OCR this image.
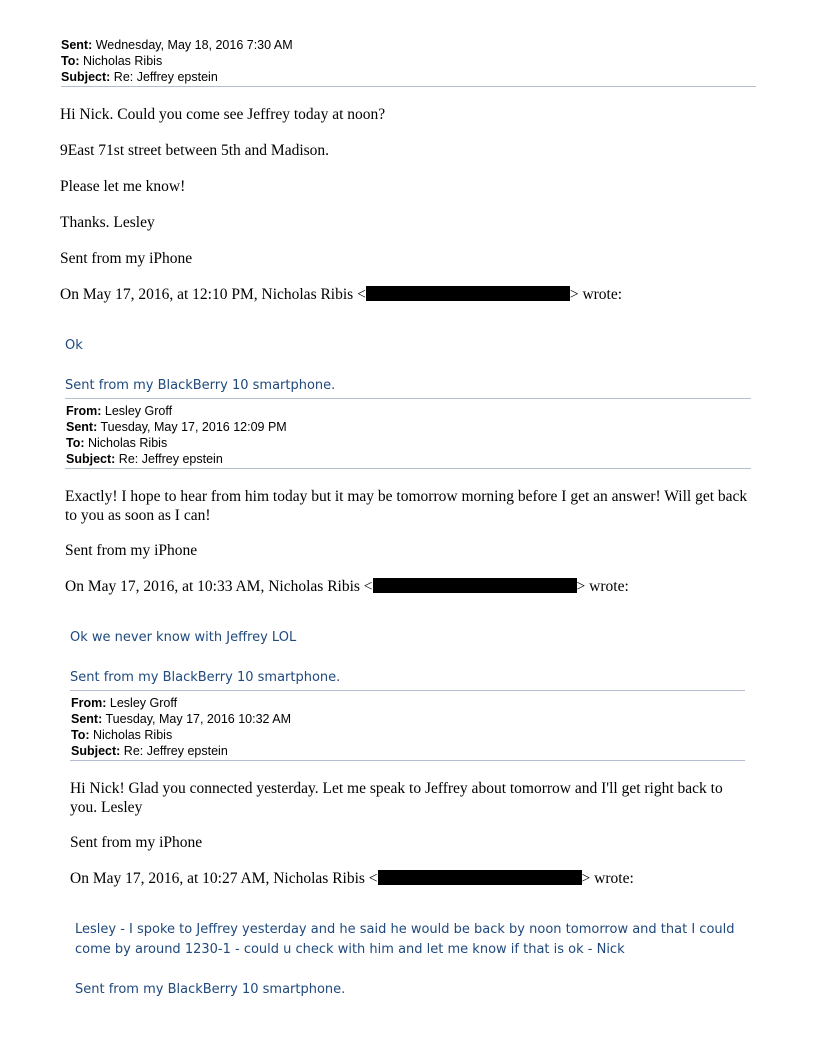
Sent: Wednesday, May 18, 2016 7:30 AM
To: Nicholas Ribis
Subject: Re: Jeffrey epstein
Hi Nick. Could you come see Jeffrey today at noon?
9East 71st street between 5th and Madison.
Please let me know!
Thanks. Lesley
Sent from my iPhone
On May 17, 2016, at 12:10 PM, Nicholas Ribis <	> wrote:
Ok
Sent from my BlackBerry 10 smartphone.
From: Lesley Groff
Sent: Tuesday, May 17, 2016 12:09 PM
To: Nicholas Ribis
Subject: Re: Jeffrey epstein
Exactly! I hope to hear from him today but it may be tomorrow morning before I get an answer! Will get back to you as soon as I can!
Sent from my iPhone
On May 17, 2016, at 10:33 AM, Nicholas Ribis <	> wrote:
Ok we never know with Jeffrey LOL
Sent from my BlackBerry 10 smartphone.
From: Lesley Groff
Sent: Tuesday, May 17, 2016 10:32 AM
To: Nicholas Ribis
Subject: Re: Jeffrey epstein
Hi Nick! Glad you connected yesterday. Let me speak to Jeffrey about tomorrow and I'll get right back to you. Lesley
Sent from my iPhone
On May 17, 2016, at 10:27 AM, Nicholas Ribis <	> wrote:
Lesley - I spoke to Jeffrey yesterday and he said he would be back by noon tomorrow and that I could come by around 1230-1 - could u check with him and let me know if that is ok - Nick
Sent from my BlackBerry 10 smartphone.
